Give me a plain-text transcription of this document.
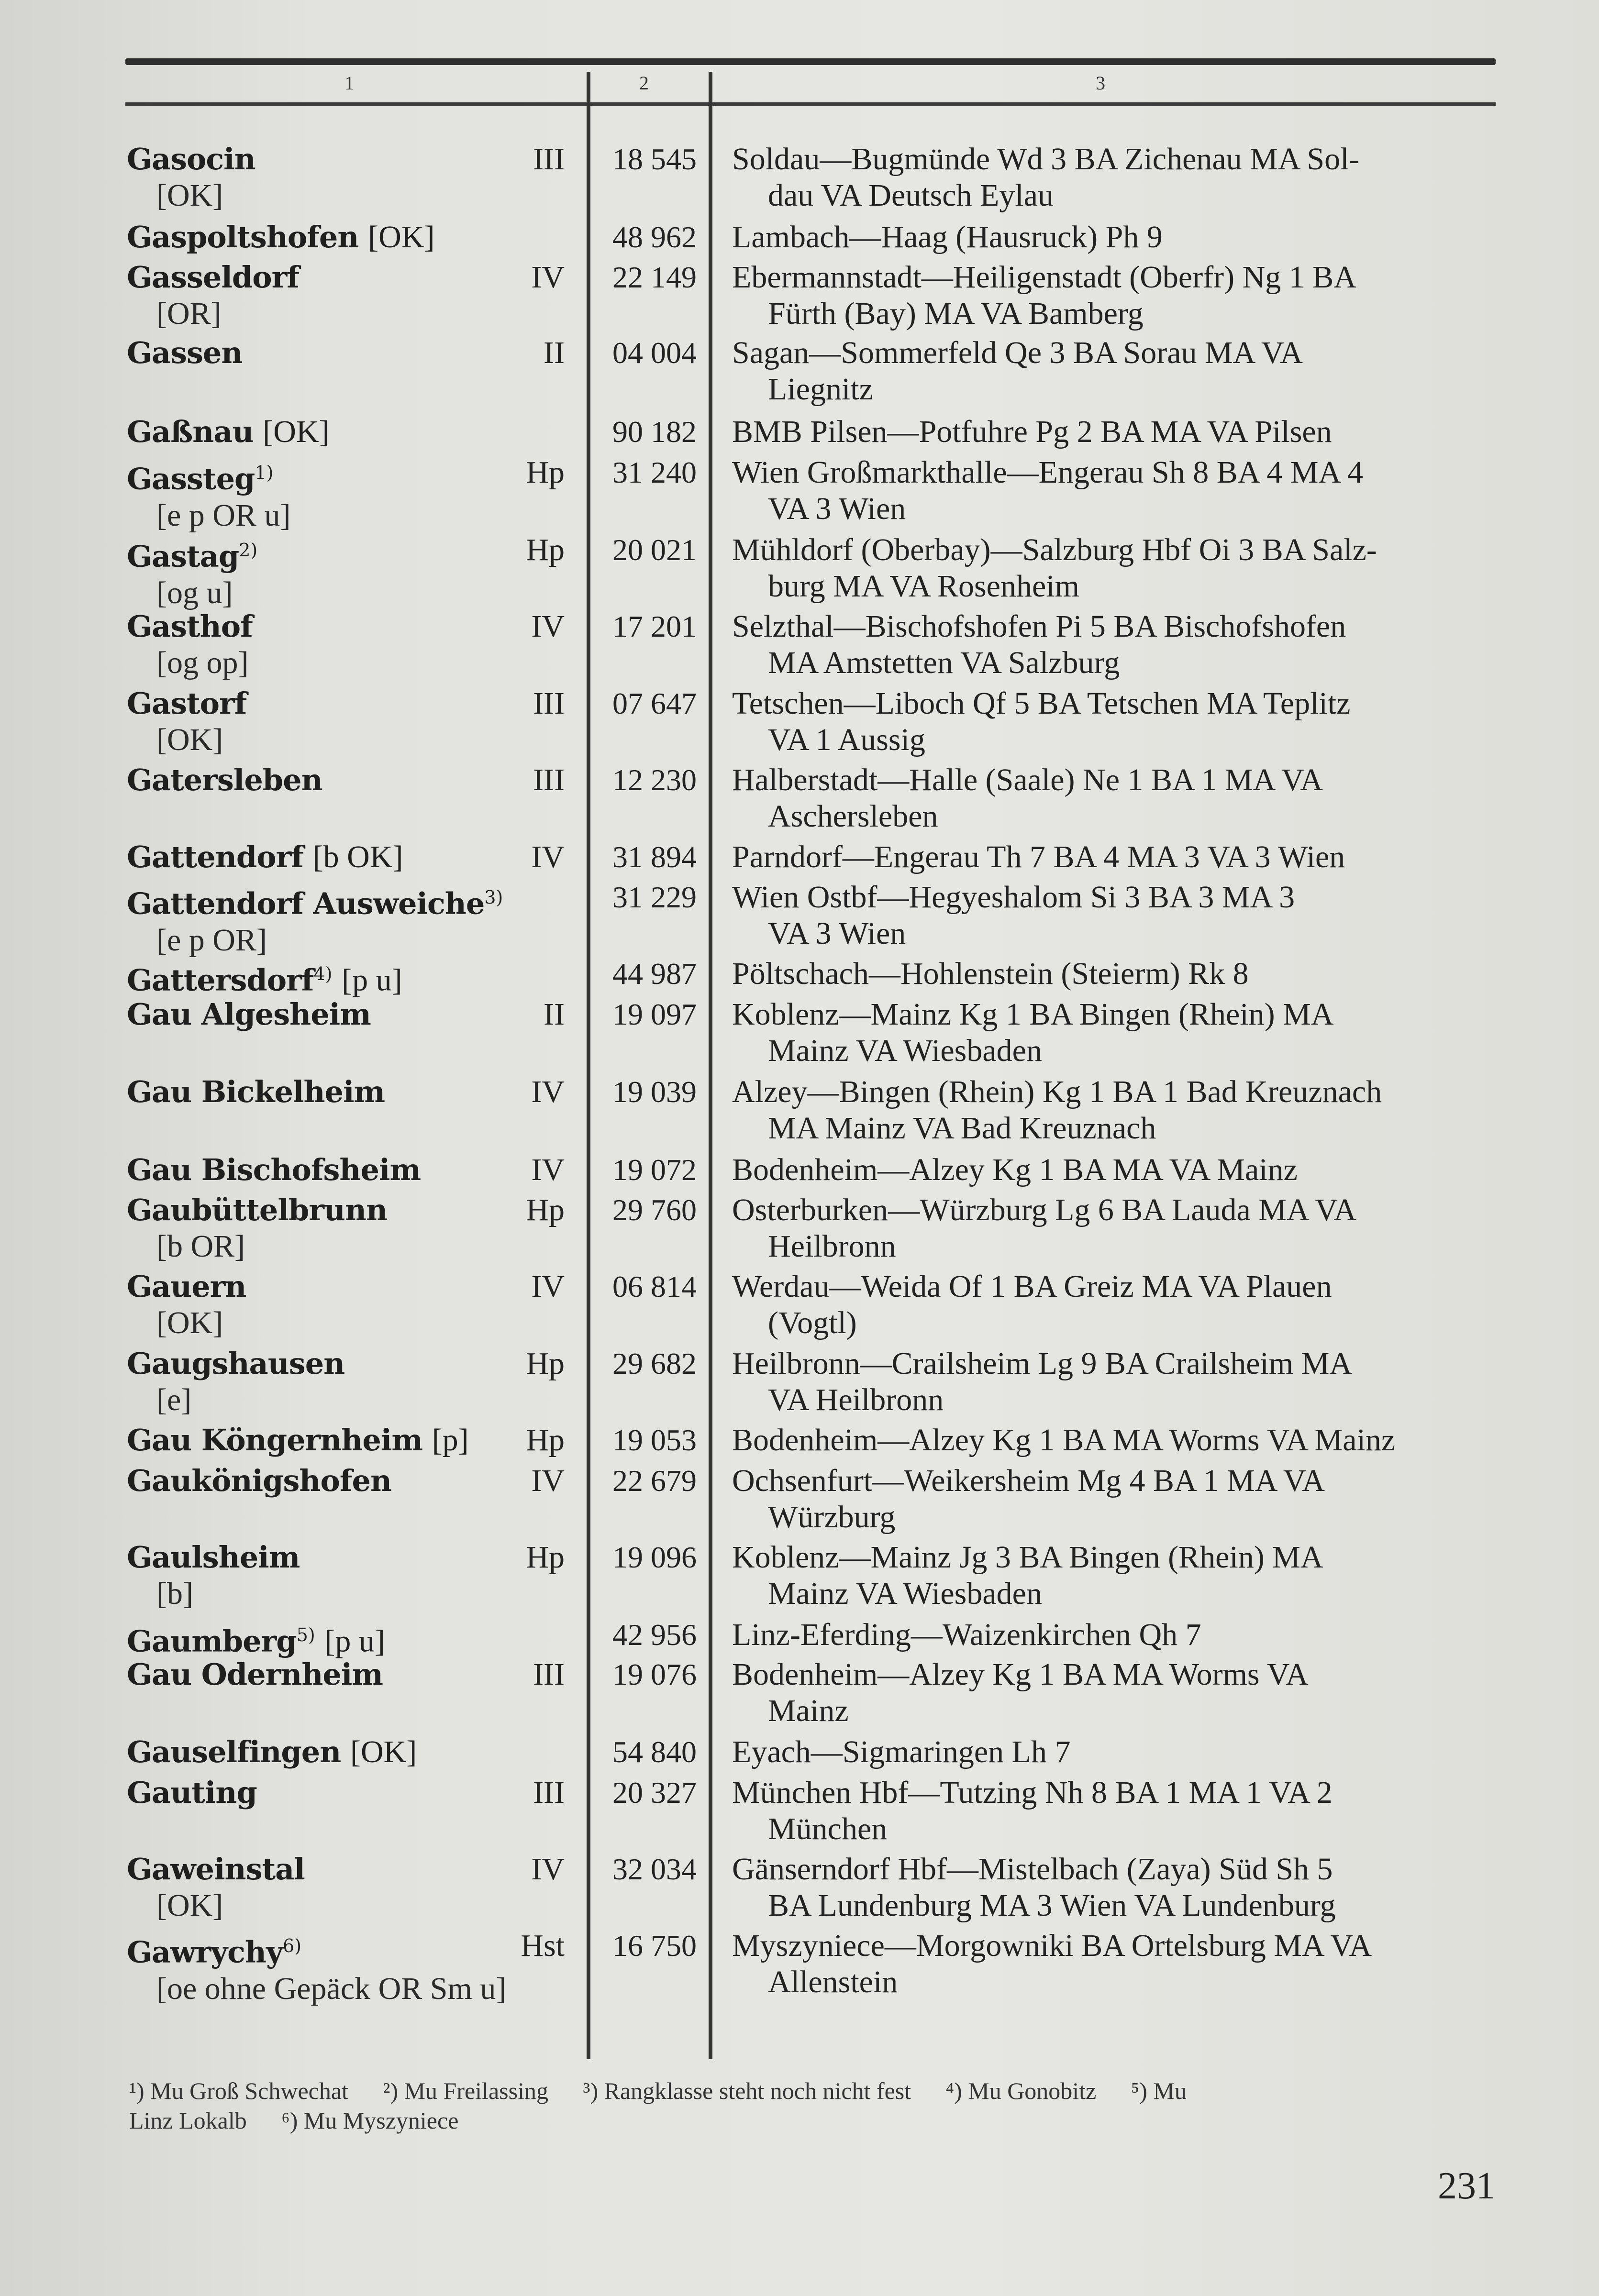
1	2	3
Gasocin
[OK]
III	18 545 Soldau—Bugmünde Wd 3 BA Zichenau MA Sol-
dau VA Deutsch Eylau
Gaspoltshofen [OK]	48 962 Lambach—Haag (Hausruck) Ph 9
Gasseldorf
[OR]
IV	22 149 Ebermannstadt—Heiligenstadt (Oberfr) Ng 1 BA
Fürth (Bay) MA VA Bamberg
Gassen	II	04 004 Sagan—Sommerfeld Qe 3 BA Sorau MA VA
Liegnitz
Gaßnau [OK]	90 182 BMB Pilsen—Potfuhre Pg 2 BA MA VA Pilsen
Gassteg$^{1)}$
[e p OR u]
Hp	31 240 Wien Großmarkthalle—Engerau Sh 8 BA 4 MA 4
VA 3 Wien
Gastag$^{2)}$
[og u]
Hp	20 021 Mühldorf (Oberbay)—Salzburg Hbf Oi 3 BA Salz-
burg MA VA Rosenheim
Gasthof
[og op]
IV	17 201 Selzthal—Bischofshofen Pi 5 BA Bischofshofen
MA Amstetten VA Salzburg
Gastorf
[OK]
III	07 647 Tetschen—Liboch Qf 5 BA Tetschen MA Teplitz
VA 1 Aussig
Gatersleben	III	12 230 Halberstadt—Halle (Saale) Ne 1 BA 1 MA VA
Aschersleben
Gattendorf [b OK]	IV	31 894 Parndorf—Engerau Th 7 BA 4 MA 3 VA 3 Wien
Gattendorf Ausweiche$^{3)}$
[e p OR]
31 229 Wien Ostbf—Hegyeshalom Si 3 BA 3 MA 3
VA 3 Wien
Gattersdorf$^{4)}$ [p u]	44 987 Pöltschach—Hohlenstein (Steierm) Rk 8
Gau Algesheim	II	19 097 Koblenz—Mainz Kg 1 BA Bingen (Rhein) MA
Mainz VA Wiesbaden
Gau Bickelheim	IV	19 039 Alzey—Bingen (Rhein) Kg 1 BA 1 Bad Kreuznach
MA Mainz VA Bad Kreuznach
Gau Bischofsheim	IV	19 072 Bodenheim—Alzey Kg 1 BA MA VA Mainz
Gaubüttelbrunn
[b OR]
Hp	29 760 Osterburken—Würzburg Lg 6 BA Lauda MA VA
Heilbronn
Gauern
[OK]
IV	06 814 Werdau—Weida Of 1 BA Greiz MA VA Plauen
(Vogtl)
Gaugshausen
[e]
Hp	29 682 Heilbronn—Crailsheim Lg 9 BA Crailsheim MA
VA Heilbronn
Gau Köngernheim [p]	Hp	19 053 Bodenheim—Alzey Kg 1 BA MA Worms VA Mainz
Gaukönigshofen	IV	22 679 Ochsenfurt—Weikersheim Mg 4 BA 1 MA VA
Würzburg
Gaulsheim
[b]
Hp	19 096 Koblenz—Mainz Jg 3 BA Bingen (Rhein) MA
Mainz VA Wiesbaden
Gaumberg$^{5)}$ [p u]	42 956 Linz-Eferding—Waizenkirchen Qh 7
Gau Odernheim	III	19 076 Bodenheim—Alzey Kg 1 BA MA Worms VA
Mainz
Gauselfingen [OK]	54 840 Eyach—Sigmaringen Lh 7
Gauting	III	20 327 München Hbf—Tutzing Nh 8 BA 1 MA 1 VA 2
München
Gaweinstal
[OK]
IV	32 034 Gänserndorf Hbf—Mistelbach (Zaya) Süd Sh 5
BA Lundenburg MA 3 Wien VA Lundenburg
Gawrychy$^{6)}$
[oe ohne Gepäck OR Sm u]
Hst	16 750 Myszyniece—Morgowniki BA Ortelsburg MA VA
Allenstein
¹) Mu Groß Schwechat ²) Mu Freilassing ³) Rangklasse steht noch nicht fest ⁴) Mu Gonobitz ⁵) Mu
Linz Lokalb ⁶) Mu Myszyniece
231
